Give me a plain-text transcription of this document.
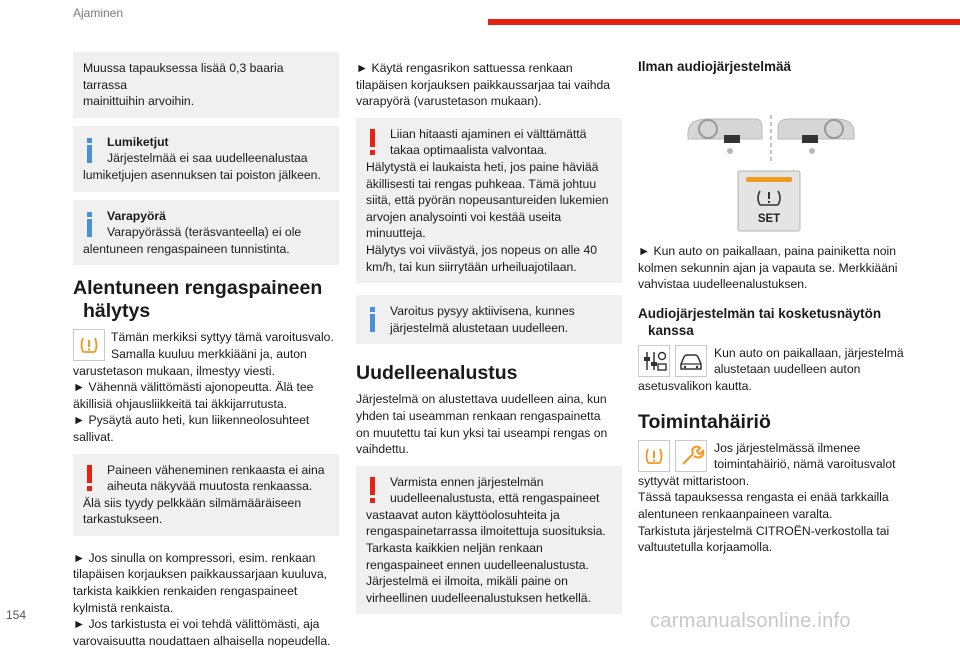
Ajaminen
Muussa tapauksessa lisää 0,3 baaria tarrassa
mainittuihin arvoihin.
Lumiketjut
Järjestelmää ei saa uudelleenalustaa
lumiketjujen asennuksen tai poiston jälkeen.
Varapyörä
Varapyörässä (teräsvanteella) ei ole
alentuneen rengaspaineen tunnistinta.
Alentuneen rengaspaineen
hälytys
Tämän merkiksi syttyy tämä varoitusvalo.
Samalla kuuluu merkkiääni ja, auton
varustetason mukaan, ilmestyy viesti.
► Vähennä välittömästi ajonopeutta. Älä tee
äkillisiä ohjausliikkeitä tai äkkijarrutusta.
► Pysäytä auto heti, kun liikenneolosuhteet
sallivat.
Paineen väheneminen renkaasta ei aina
aiheuta näkyvää muutosta renkaassa.
Älä siis tyydy pelkkään silmämääräiseen
tarkastukseen.
► Jos sinulla on kompressori, esim. renkaan
tilapäisen korjauksen paikkaussarjaan kuuluva,
tarkista kaikkien renkaiden rengaspaineet
kylmistä renkaista.
► Jos tarkistusta ei voi tehdä välittömästi, aja
varovaisuutta noudattaen alhaisella nopeudella.
► Käytä rengasrikon sattuessa renkaan
tilapäisen korjauksen paikkaussarjaa tai vaihda
varapyörä (varustetason mukaan).
Liian hitaasti ajaminen ei välttämättä
takaa optimaalista valvontaa.
Hälytystä ei laukaista heti, jos paine häviää
äkillisesti tai rengas puhkeaa. Tämä johtuu
siitä, että pyörän nopeusantureiden lukemien
arvojen analysointi voi kestää useita
minuutteja.
Hälytys voi viivästyä, jos nopeus on alle 40
km/h, tai kun siirrytään urheiluajotilaan.
Varoitus pysyy aktiivisena, kunnes
järjestelmä alustetaan uudelleen.
Uudelleenalustus
Järjestelmä on alustettava uudelleen aina, kun
yhden tai useamman renkaan rengaspainetta
on muutettu tai kun yksi tai useampi rengas on
vaihdettu.
Varmista ennen järjestelmän
uudelleenalustusta, että rengaspaineet
vastaavat auton käyttöolosuhteita ja
rengaspainetarrassa ilmoitettuja suosituksia.
Tarkasta kaikkien neljän renkaan
rengaspaineet ennen uudelleenalustusta.
Järjestelmä ei ilmoita, mikäli paine on
virheellinen uudelleenalustuksen hetkellä.
Ilman audiojärjestelmää
SET
► Kun auto on paikallaan, paina painiketta noin
kolmen sekunnin ajan ja vapauta se. Merkkiääni
vahvistaa uudelleenalustuksen.
Audiojärjestelmän tai kosketusnäytön
kanssa
Kun auto on paikallaan, järjestelmä
alustetaan uudelleen auton
asetusvalikon kautta.
Toimintahäiriö
Jos järjestelmässä ilmenee
toimintahäiriö, nämä varoitusvalot
syttyvät mittaristoon.
Tässä tapauksessa rengasta ei enää tarkkailla
alentuneen renkaanpaineen varalta.
Tarkistuta järjestelmä CITROËN-verkostolla tai
valtuutetulla korjaamolla.
154	carmanualsonline.info
